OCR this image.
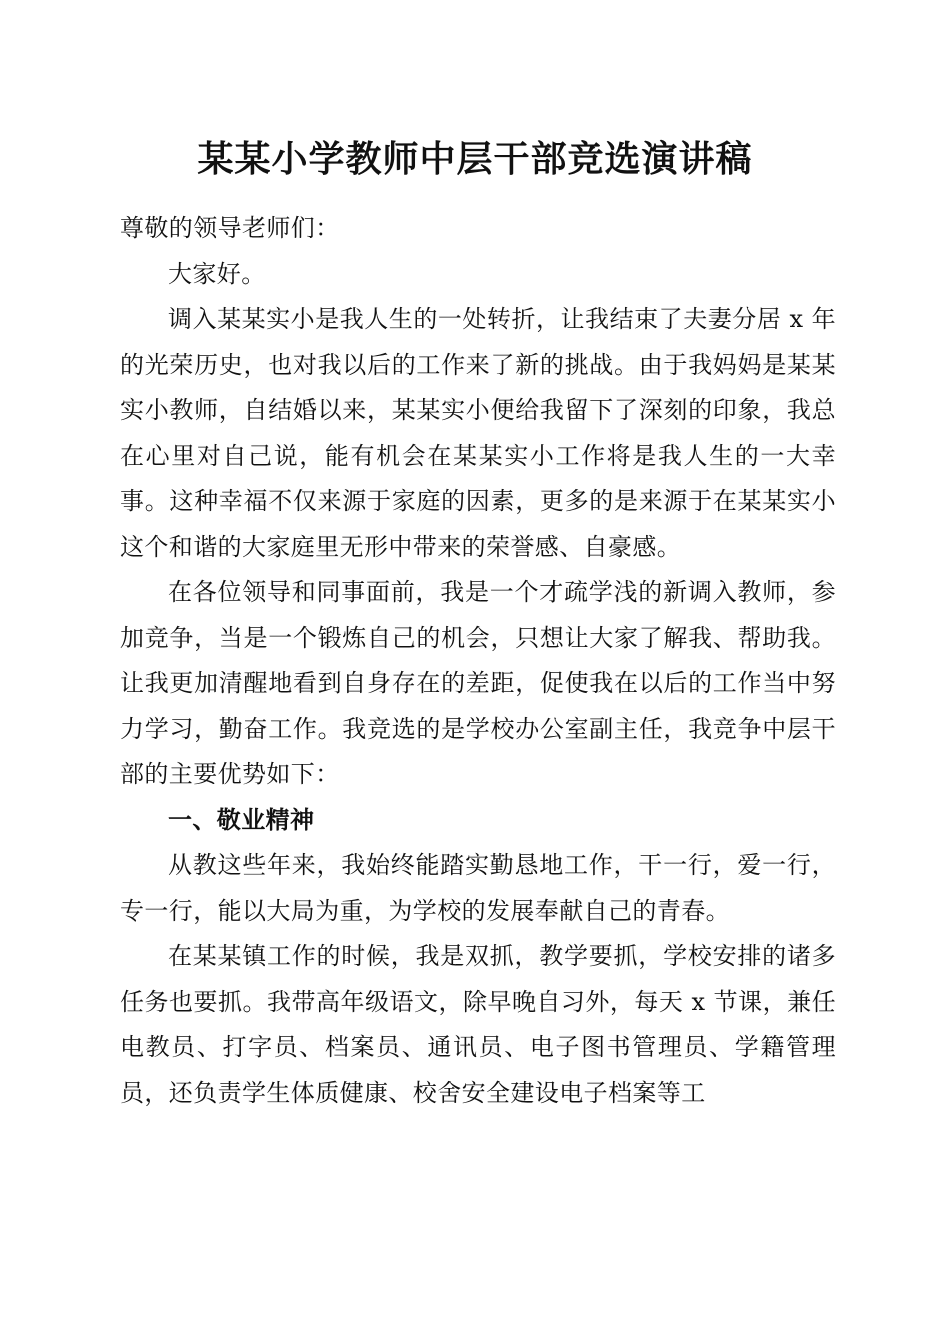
某某小学教师中层干部竞选演讲稿

尊敬的领导老师们：

大家好。

调入某某实小是我人生的一处转折，让我结束了夫妻分居 x 年的光荣历史，也对我以后的工作来了新的挑战。由于我妈妈是某某实小教师，自结婚以来，某某实小便给我留下了深刻的印象，我总在心里对自己说，能有机会在某某实小工作将是我人生的一大幸事。这种幸福不仅来源于家庭的因素，更多的是来源于在某某实小这个和谐的大家庭里无形中带来的荣誉感、自豪感。

在各位领导和同事面前，我是一个才疏学浅的新调入教师，参加竞争，当是一个锻炼自己的机会，只想让大家了解我、帮助我。让我更加清醒地看到自身存在的差距，促使我在以后的工作当中努力学习，勤奋工作。我竞选的是学校办公室副主任，我竞争中层干部的主要优势如下：

一、敬业精神

从教这些年来，我始终能踏实勤恳地工作，干一行，爱一行，专一行，能以大局为重，为学校的发展奉献自己的青春。

在某某镇工作的时候，我是双抓，教学要抓，学校安排的诸多任务也要抓。我带高年级语文，除早晚自习外，每天 x 节课，兼任电教员、打字员、档案员、通讯员、电子图书管理员、学籍管理员，还负责学生体质健康、校舍安全建设电子档案等工
